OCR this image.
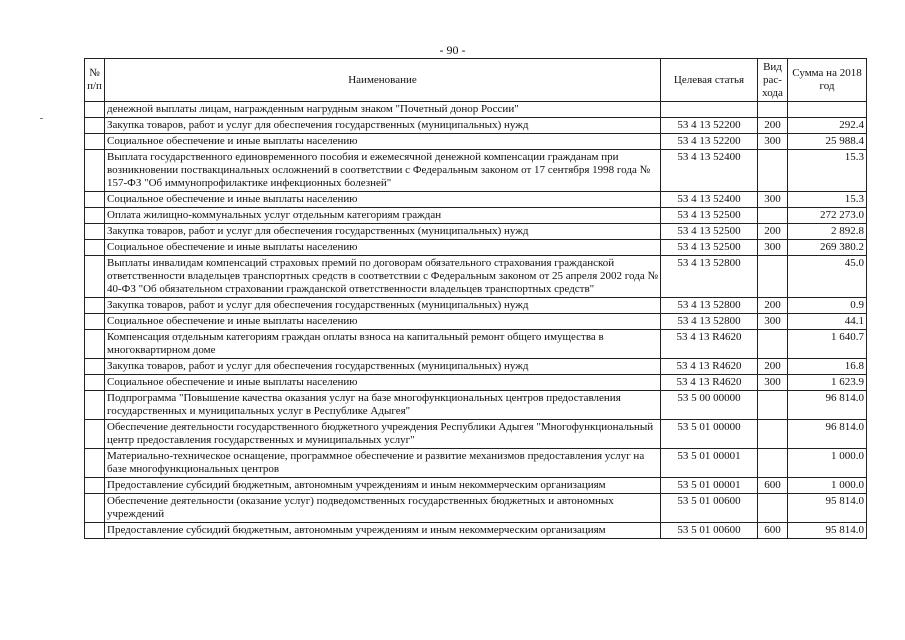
- 90 -
№ п/п	Наименование	Целевая статья	Вид рас-хода	Сумма на 2018 год
	денежной выплаты лицам, награжденным нагрудным знаком "Почетный донор России"			
	Закупка товаров, работ и услуг для обеспечения государственных (муниципальных) нужд	53 4 13 52200	200	292.4
	Социальное обеспечение и иные выплаты населению	53 4 13 52200	300	25 988.4
	Выплата государственного единовременного пособия и ежемесячной денежной компенсации гражданам при возникновении поствакцинальных осложнений в соответствии с Федеральным законом от 17 сентября 1998 года № 157-ФЗ "Об иммунопрофилактике инфекционных болезней"	53 4 13 52400		15.3
	Социальное обеспечение и иные выплаты населению	53 4 13 52400	300	15.3
	Оплата жилищно-коммунальных услуг отдельным категориям граждан	53 4 13 52500		272 273.0
	Закупка товаров, работ и услуг для обеспечения государственных (муниципальных) нужд	53 4 13 52500	200	2 892.8
	Социальное обеспечение и иные выплаты населению	53 4 13 52500	300	269 380.2
	Выплаты инвалидам компенсаций страховых премий по договорам обязательного страхования гражданской ответственности владельцев транспортных средств в соответствии с Федеральным законом от 25 апреля 2002 года № 40-ФЗ "Об обязательном страховании гражданской ответственности владельцев транспортных средств"	53 4 13 52800		45.0
	Закупка товаров, работ и услуг для обеспечения государственных (муниципальных) нужд	53 4 13 52800	200	0.9
	Социальное обеспечение и иные выплаты населению	53 4 13 52800	300	44.1
	Компенсация отдельным категориям граждан оплаты взноса на капитальный ремонт общего имущества в многоквартирном доме	53 4 13 R4620		1 640.7
	Закупка товаров, работ и услуг для обеспечения государственных (муниципальных) нужд	53 4 13 R4620	200	16.8
	Социальное обеспечение и иные выплаты населению	53 4 13 R4620	300	1 623.9
	Подпрограмма "Повышение качества оказания услуг на базе многофункциональных центров предоставления государственных и муниципальных услуг в Республике Адыгея"	53 5 00 00000		96 814.0
	Обеспечение деятельности государственного бюджетного учреждения Республики Адыгея "Многофункциональный центр предоставления государственных и муниципальных услуг"	53 5 01 00000		96 814.0
	Материально-техническое оснащение, программное обеспечение и развитие механизмов предоставления услуг на базе многофункциональных центров	53 5 01 00001		1 000.0
	Предоставление субсидий бюджетным, автономным учреждениям и иным некоммерческим организациям	53 5 01 00001	600	1 000.0
	Обеспечение деятельности (оказание услуг) подведомственных государственных бюджетных и автономных учреждений	53 5 01 00600		95 814.0
	Предоставление субсидий бюджетным, автономным учреждениям и иным некоммерческим организациям	53 5 01 00600	600	95 814.0
